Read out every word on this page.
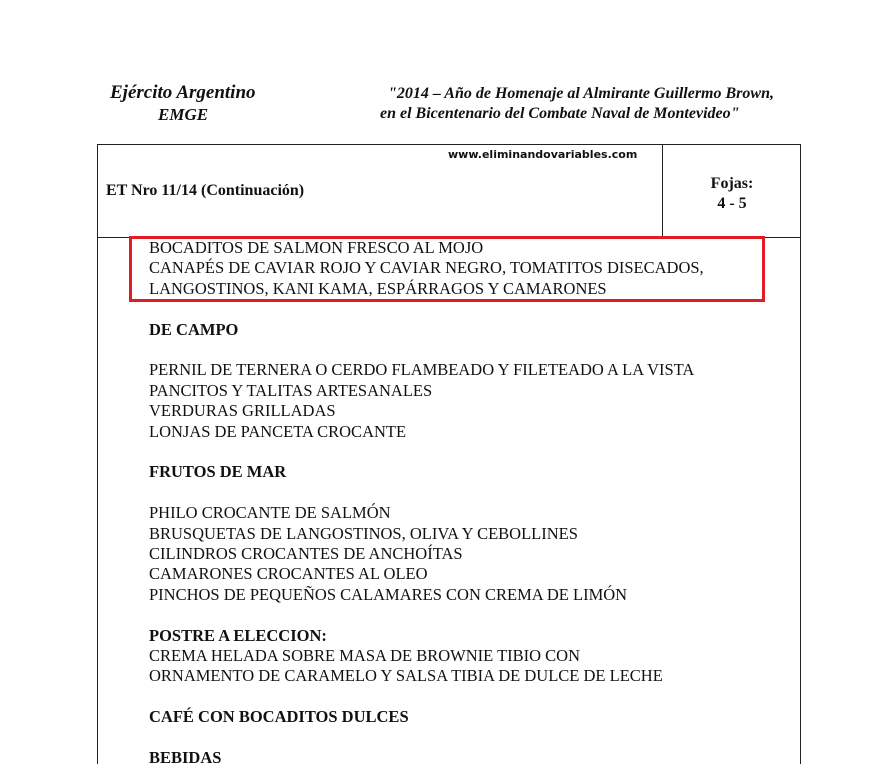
Ejército Argentino
EMGE
"2014 – Año de Homenaje al Almirante Guillermo Brown,
en el Bicentenario del Combate Naval de Montevideo"
www.eliminandovariables.com
ET Nro 11/14 (Continuación)	Fojas:
4 - 5

BOCADITOS DE SALMON FRESCO AL MOJO

CANAPÉS DE CAVIAR ROJO Y CAVIAR NEGRO, TOMATITOS DISECADOS,

LANGOSTINOS, KANI KAMA, ESPÁRRAGOS Y CAMARONES

DE CAMPO

PERNIL DE TERNERA O CERDO FLAMBEADO Y FILETEADO A LA VISTA

PANCITOS Y TALITAS ARTESANALES

VERDURAS GRILLADAS

LONJAS DE PANCETA CROCANTE

FRUTOS DE MAR

PHILO CROCANTE DE SALMÓN

BRUSQUETAS DE LANGOSTINOS, OLIVA Y CEBOLLINES

CILINDROS CROCANTES DE ANCHOÍTAS

CAMARONES CROCANTES AL OLEO

PINCHOS DE PEQUEÑOS CALAMARES CON CREMA DE LIMÓN

POSTRE A ELECCION:

CREMA HELADA SOBRE MASA DE BROWNIE TIBIO CON

ORNAMENTO DE CARAMELO Y SALSA TIBIA DE DULCE DE LECHE

CAFÉ CON BOCADITOS DULCES

BEBIDAS
